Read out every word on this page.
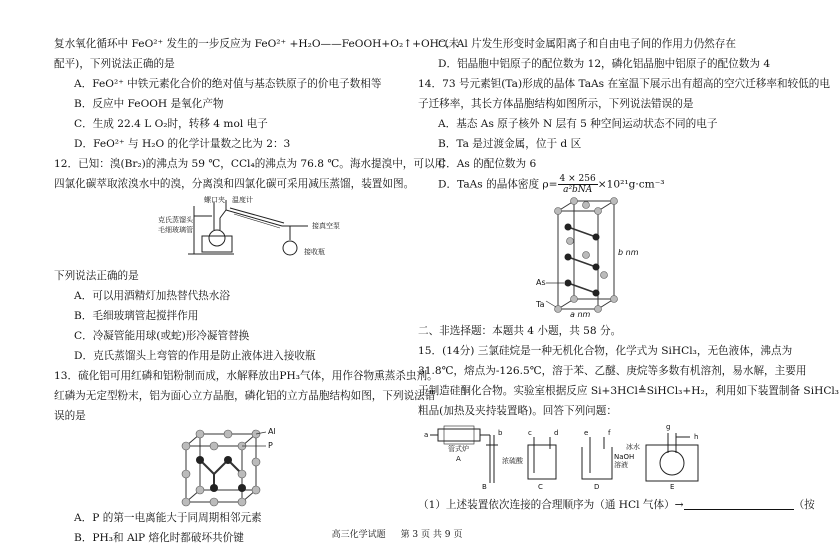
复水氧化循环中 FeO²⁺ 发生的一步反应为 FeO²⁺ +H₂O——FeOOH+O₂↑+OH⁻(未
配平)，下列说法正确的是
A．FeO²⁺ 中铁元素化合价的绝对值与基态铁原子的价电子数相等
B．反应中 FeOOH 是氧化产物
C．生成 22.4 L O₂时，转移 4 mol 电子
D．FeO²⁺ 与 H₂O 的化学计量数之比为 2：3
12．已知：溴(Br₂)的沸点为 59 ℃，CCl₄的沸点为 76.8 ℃。海水提溴中，可以用
四氯化碳萃取浓溴水中的溴，分离溴和四氯化碳可采用减压蒸馏，装置如图。
螺口夹 温度计
克氏蒸馏头
毛细玻璃管	接真空泵
接收瓶
下列说法正确的是
A．可以用酒精灯加热替代热水浴
B．毛细玻璃管起搅拌作用
C．冷凝管能用球(或蛇)形冷凝管替换
D．克氏蒸馏头上弯管的作用是防止液体进入接收瓶
13．硫化铝可用红磷和铝粉制而成，水解释放出PH₃气体，用作谷物熏蒸杀虫剂。
红磷为无定型粉末，铝为面心立方晶胞，磷化铝的立方晶胞结构如图，下列说法错
误的是
Al
P
A．P 的第一电离能大于同周期相邻元素
B．PH₃和 AlP 熔化时都破坏共价键
C．Al 片发生形变时金属阳离子和自由电子间的作用力仍然存在
D．铝晶胞中铝原子的配位数为 12，磷化铝晶胞中铝原子的配位数为 4
14．73 号元素钽(Ta)形成的晶体 TaAs 在室温下展示出有超高的空穴迁移率和较低的电
子迁移率，其长方体晶胞结构如图所示，下列说法错误的是
A．基态 As 原子核外 N 层有 5 种空间运动状态不同的电子
B．Ta 是过渡金属，位于 d 区
C．As 的配位数为 6
D．TaAs 的晶体密度 $\rho= \frac{4 \times 256}{\text{a²bNA}} \times 10^{21}g\cdot cm^{-3}$
b nm
As
Ta
a nm
二、非选择题：本题共 4 小题，共 58 分。
15．(14分) 三氯硅烷是一种无机化合物，化学式为 SiHCl₃，无色液体，沸点为
31.8℃，熔点为-126.5℃，溶于苯、乙醚、庚烷等多数有机溶剂，易水解，主要用
于制造硅酮化合物。实验室根据反应 Si+3HCl≜SiHCl₃+H₂，利用如下装置制备 SiHCl₃
粗品(加热及夹持装置略)。回答下列问题：
a	b
管式炉
A
c	d
浓硫酸
B	C
e	f
NaOH
溶液
D
g
h
冰水
E
（1）上述装置依次连接的合理顺序为（通 HCl 气体）→	（按
高三化学试题 第 3 页 共 9 页
